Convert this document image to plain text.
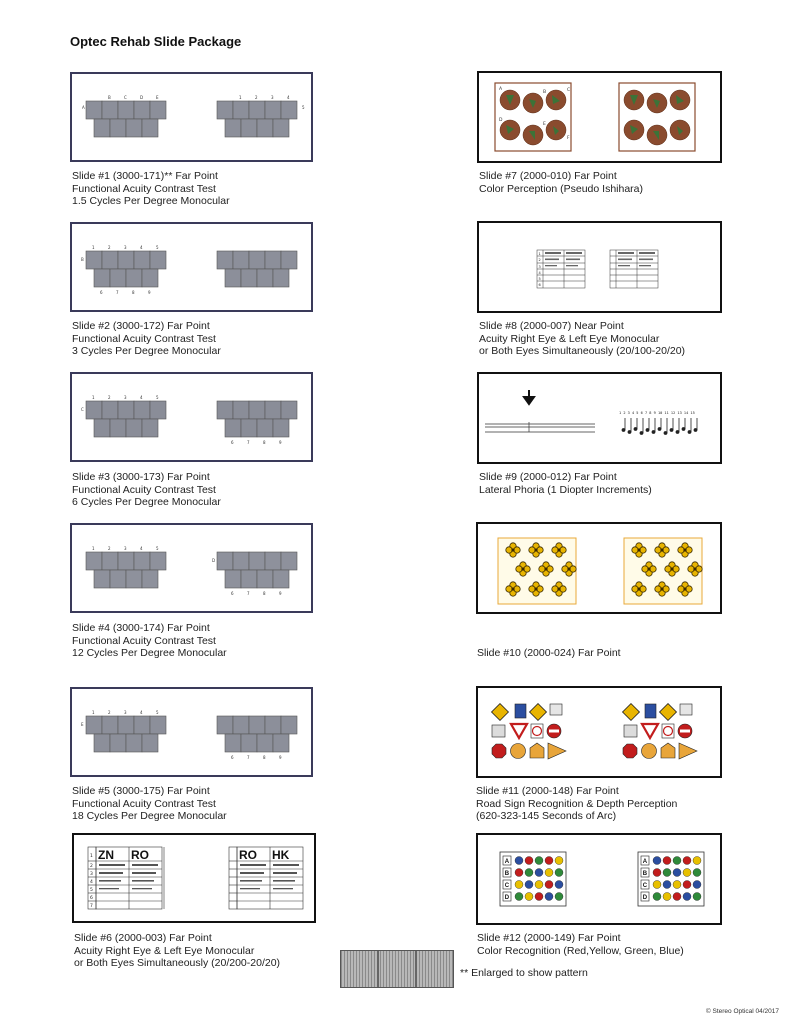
Optec Rehab Slide Package
A
B	C	D	E	1	2	3	4
5
Slide #1 (3000-171)** Far Point
Functional Acuity Contrast Test
1.5 Cycles Per Degree Monocular
1	2	3	4	5
6	7	8	9
B
Slide #2 (3000-172) Far Point
Functional Acuity Contrast Test
3 Cycles Per Degree Monocular
1	2	3	4	5
6	7	8	9
C
Slide #3 (3000-173) Far Point
Functional Acuity Contrast Test
6 Cycles Per Degree Monocular
1	2	3	4	5
6	7	8	9
D
Slide #4 (3000-174) Far Point
Functional Acuity Contrast Test
12 Cycles Per Degree Monocular
1	2	3	4	5
6	7	8	9
E
Slide #5 (3000-175) Far Point
Functional Acuity Contrast Test
18 Cycles Per Degree Monocular
ZN RO	RO HK
1
2
3
4
5
6
7
Slide #6 (2000-003) Far Point
Acuity Right Eye & Left Eye Monocular
or Both Eyes Simultaneously (20/200-20/20)
A
B	C
D
E
F
Slide #7 (2000-010) Far Point
Color Perception (Pseudo Ishihara)
1
2
3
4
5
6
Slide #8 (2000-007) Near Point
Acuity Right Eye & Left Eye Monocular
or Both Eyes Simultaneously (20/100-20/20)
1 2 3 4 5 6 7 8 9 10 11 12 13 14 15
Slide #9 (2000-012) Far Point
Lateral Phoria (1 Diopter Increments)

Slide #10 (2000-024) Far Point

Slide #11 (2000-148) Far Point
Road Sign Recognition & Depth Perception
(620-323-145 Seconds of Arc)
A
B
C
D
A
B
C
D
Slide #12 (2000-149) Far Point
Color Recognition (Red,Yellow, Green, Blue)
** Enlarged to show pattern
© Stereo Optical 04/2017
